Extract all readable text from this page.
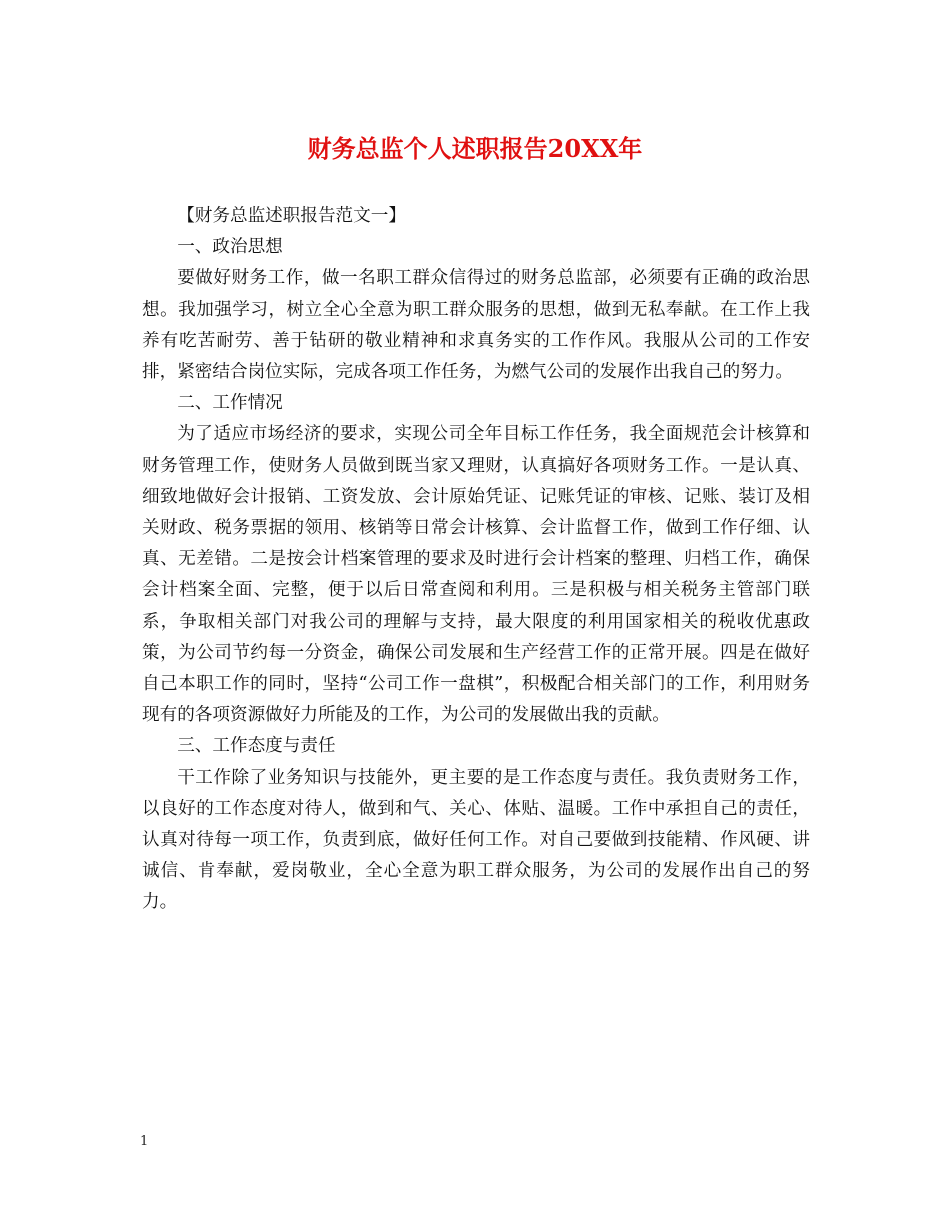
财务总监个人述职报告20XX年

【财务总监述职报告范文一】

一、政治思想

要做好财务工作，做一名职工群众信得过的财务总监部，必须要有正确的政治思想。我加强学习，树立全心全意为职工群众服务的思想，做到无私奉献。在工作上我养有吃苦耐劳、善于钻研的敬业精神和求真务实的工作作风。我服从公司的工作安排，紧密结合岗位实际，完成各项工作任务，为燃气公司的发展作出我自己的努力。

二、工作情况

为了适应市场经济的要求，实现公司全年目标工作任务，我全面规范会计核算和财务管理工作，使财务人员做到既当家又理财，认真搞好各项财务工作。一是认真、细致地做好会计报销、工资发放、会计原始凭证、记账凭证的审核、记账、装订及相关财政、税务票据的领用、核销等日常会计核算、会计监督工作，做到工作仔细、认真、无差错。二是按会计档案管理的要求及时进行会计档案的整理、归档工作，确保会计档案全面、完整，便于以后日常查阅和利用。三是积极与相关税务主管部门联系，争取相关部门对我公司的理解与支持，最大限度的利用国家相关的税收优惠政策，为公司节约每一分资金，确保公司发展和生产经营工作的正常开展。四是在做好自己本职工作的同时，坚持“公司工作一盘棋”，积极配合相关部门的工作，利用财务现有的各项资源做好力所能及的工作，为公司的发展做出我的贡献。

三、工作态度与责任

干工作除了业务知识与技能外，更主要的是工作态度与责任。我负责财务工作，以良好的工作态度对待人，做到和气、关心、体贴、温暖。工作中承担自己的责任，认真对待每一项工作，负责到底，做好任何工作。对自己要做到技能精、作风硬、讲诚信、肯奉献，爱岗敬业，全心全意为职工群众服务，为公司的发展作出自己的努力。

1
